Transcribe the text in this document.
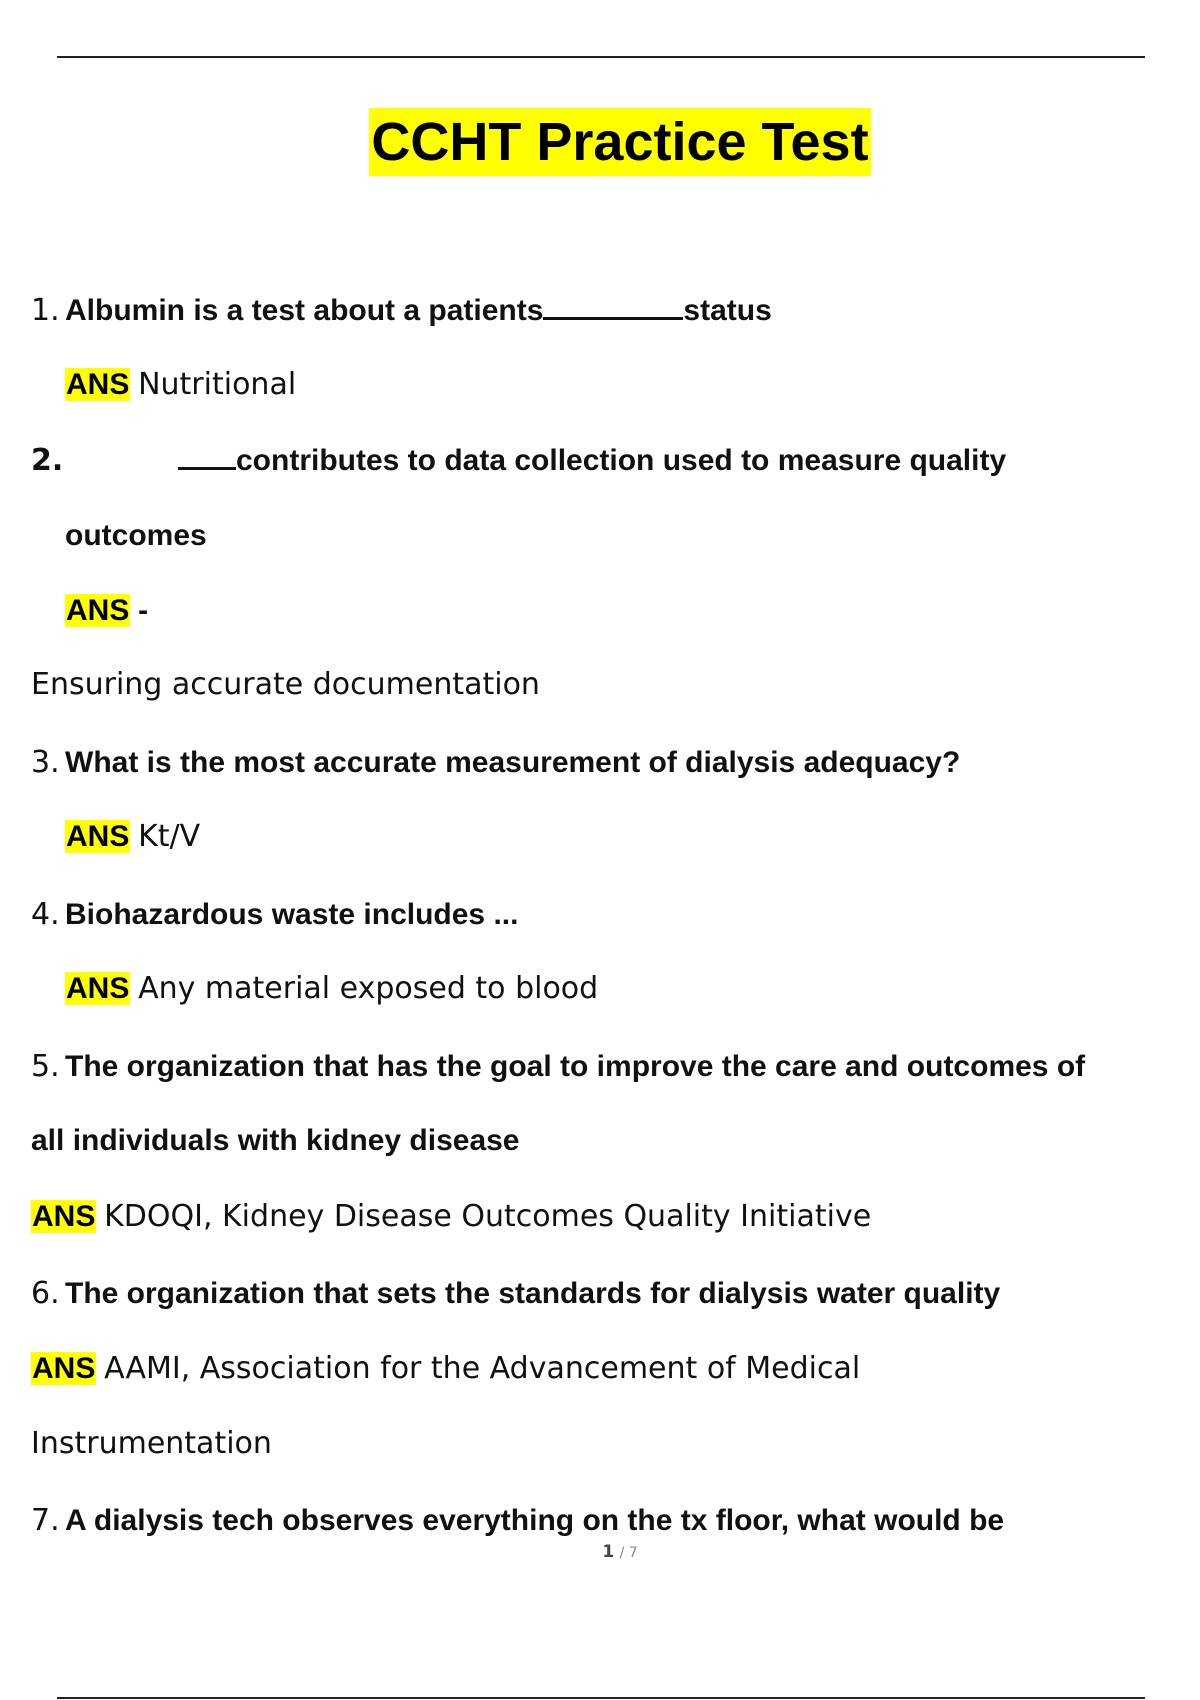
CCHT Practice Test
1. Albumin is a test about a patients	status
ANS Nutritional
2.	contributes to data collection used to measure quality
outcomes
ANS -
Ensuring accurate documentation
3. What is the most accurate measurement of dialysis adequacy?
ANS Kt/V
4. Biohazardous waste includes ...
ANS Any material exposed to blood
5. The organization that has the goal to improve the care and outcomes of
all individuals with kidney disease
ANS KDOQI, Kidney Disease Outcomes Quality Initiative
6. The organization that sets the standards for dialysis water quality
ANS AAMI, Association for the Advancement of Medical
Instrumentation
7. A dialysis tech observes everything on the tx floor, what would be
1 / 7
